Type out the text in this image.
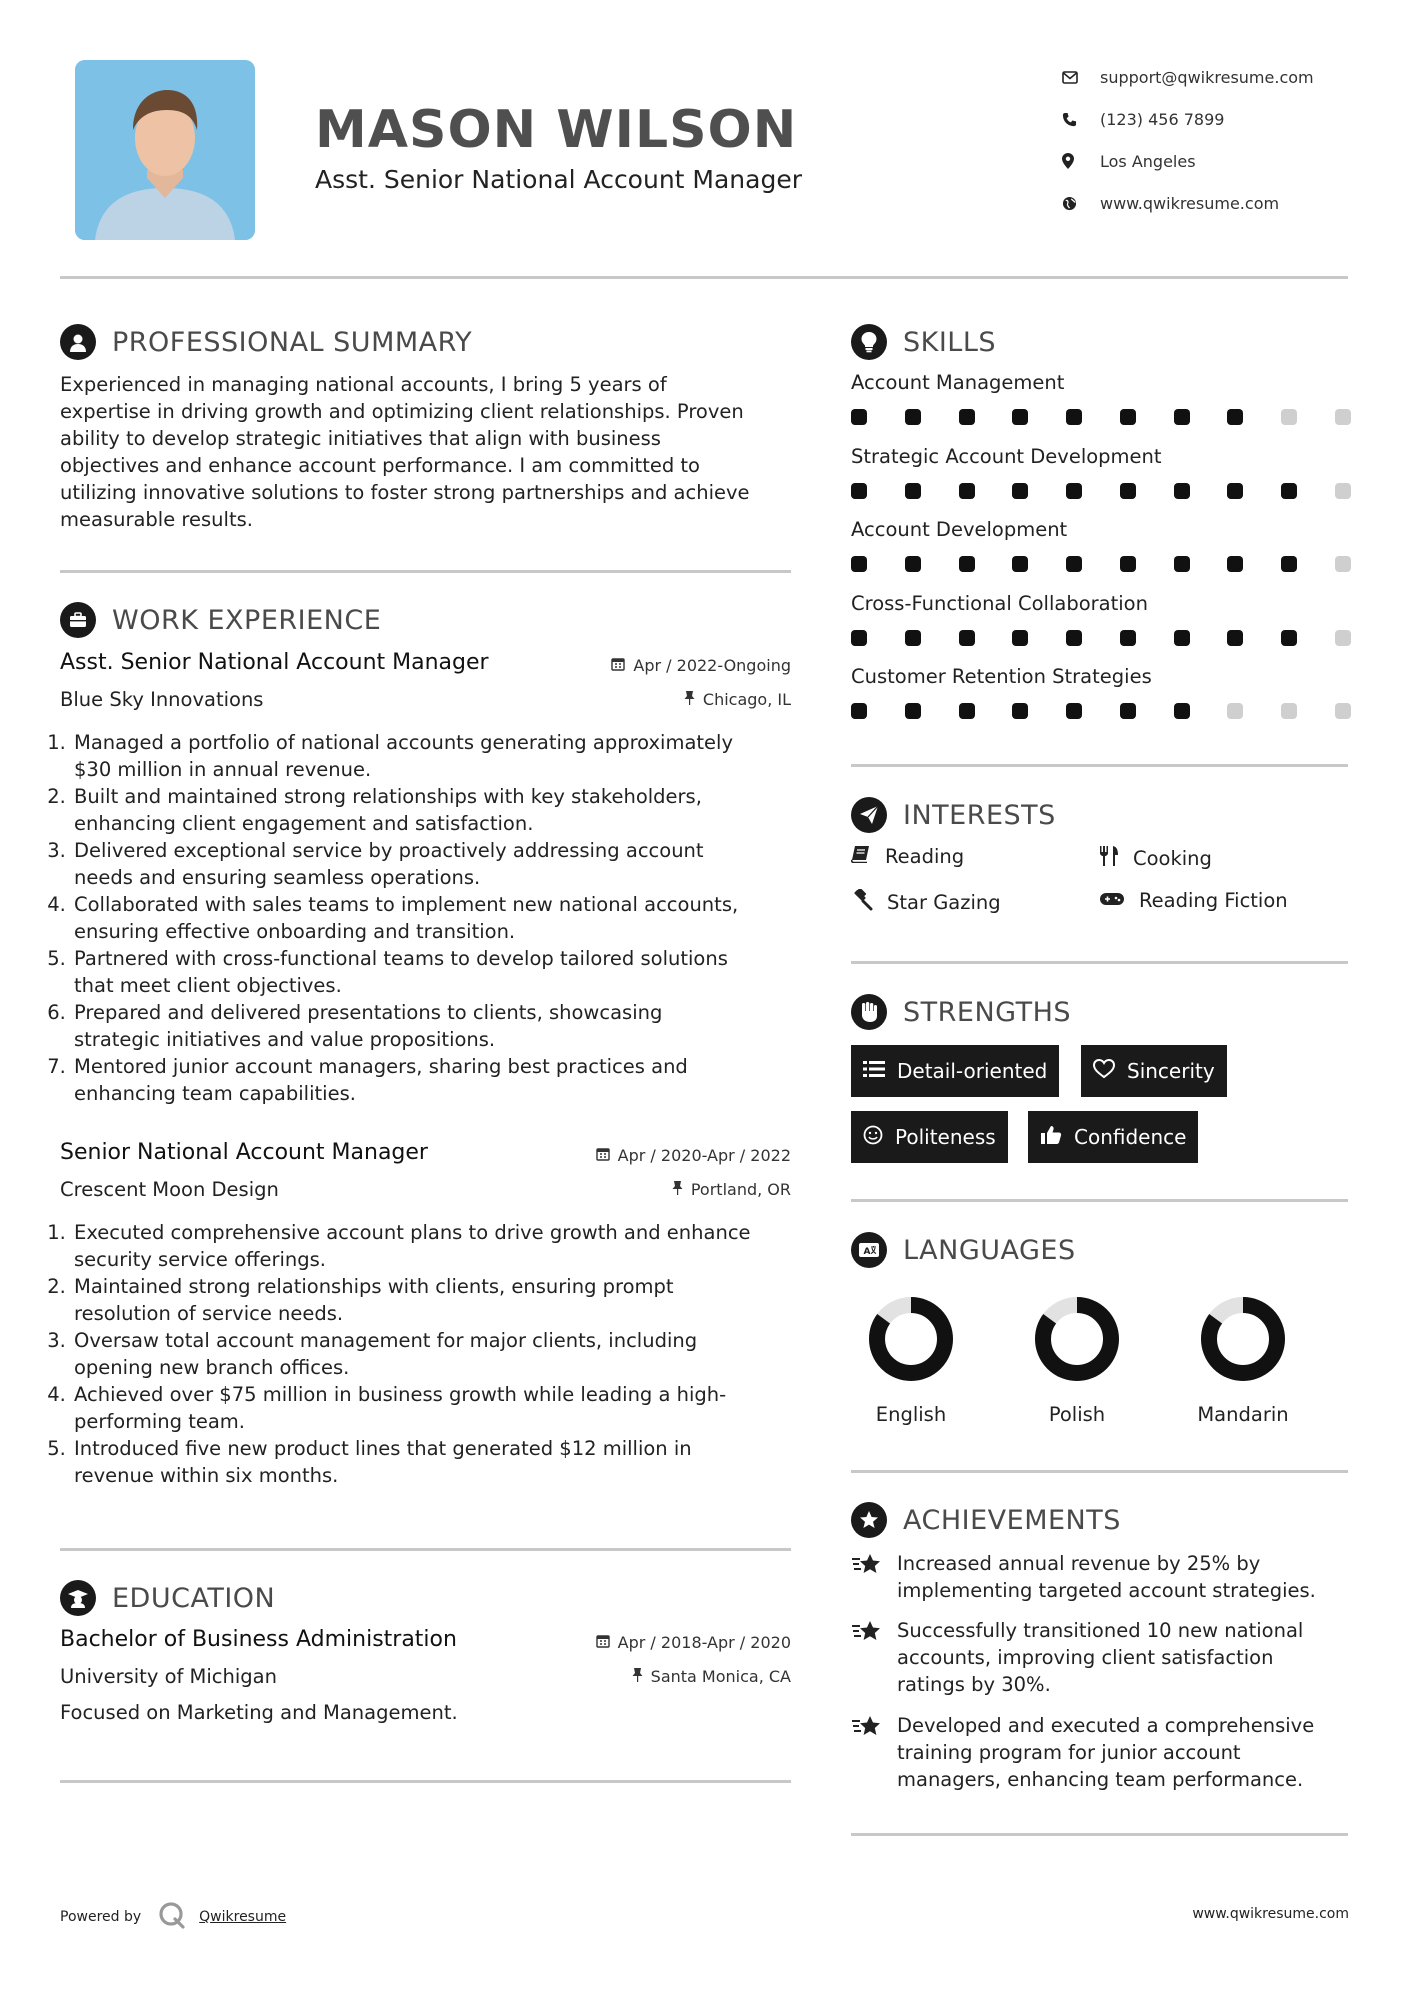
MASON WILSON
Asst. Senior National Account Manager
support@qwikresume.com
(123) 456 7899
Los Angeles
www.qwikresume.com
PROFESSIONAL SUMMARY
Experienced in managing national accounts, I bring 5 years of
expertise in driving growth and optimizing client relationships. Proven
ability to develop strategic initiatives that align with business
objectives and enhance account performance. I am committed to
utilizing innovative solutions to foster strong partnerships and achieve
measurable results.
WORK EXPERIENCE
Asst. Senior National Account Manager	Apr / 2022-Ongoing
Blue Sky Innovations	Chicago, IL
1. Managed a portfolio of national accounts generating approximately
$30 million in annual revenue.
2. Built and maintained strong relationships with key stakeholders,
enhancing client engagement and satisfaction.
3. Delivered exceptional service by proactively addressing account
needs and ensuring seamless operations.
4. Collaborated with sales teams to implement new national accounts,
ensuring effective onboarding and transition.
5. Partnered with cross-functional teams to develop tailored solutions
that meet client objectives.
6. Prepared and delivered presentations to clients, showcasing
strategic initiatives and value propositions.
7. Mentored junior account managers, sharing best practices and
enhancing team capabilities.
Senior National Account Manager	Apr / 2020-Apr / 2022
Crescent Moon Design	Portland, OR
1. Executed comprehensive account plans to drive growth and enhance
security service offerings.
2. Maintained strong relationships with clients, ensuring prompt
resolution of service needs.
3. Oversaw total account management for major clients, including
opening new branch offices.
4. Achieved over $75 million in business growth while leading a high-
performing team.
5. Introduced five new product lines that generated $12 million in
revenue within six months.
EDUCATION
Bachelor of Business Administration	Apr / 2018-Apr / 2020
University of Michigan	Santa Monica, CA
Focused on Marketing and Management.
SKILLS
Account Management
Strategic Account Development
Account Development
Cross-Functional Collaboration
Customer Retention Strategies
INTERESTS
Reading	Cooking
Star Gazing	Reading Fiction
STRENGTHS
Detail-oriented	Sincerity
Politeness	Confidence
A LANGUAGES
English	Polish	Mandarin
ACHIEVEMENTS
Increased annual revenue by 25% by
implementing targeted account strategies.
Successfully transitioned 10 new national
accounts, improving client satisfaction
ratings by 30%.
Developed and executed a comprehensive
training program for junior account
managers, enhancing team performance.
Powered by	Qwikresume	www.qwikresume.com
